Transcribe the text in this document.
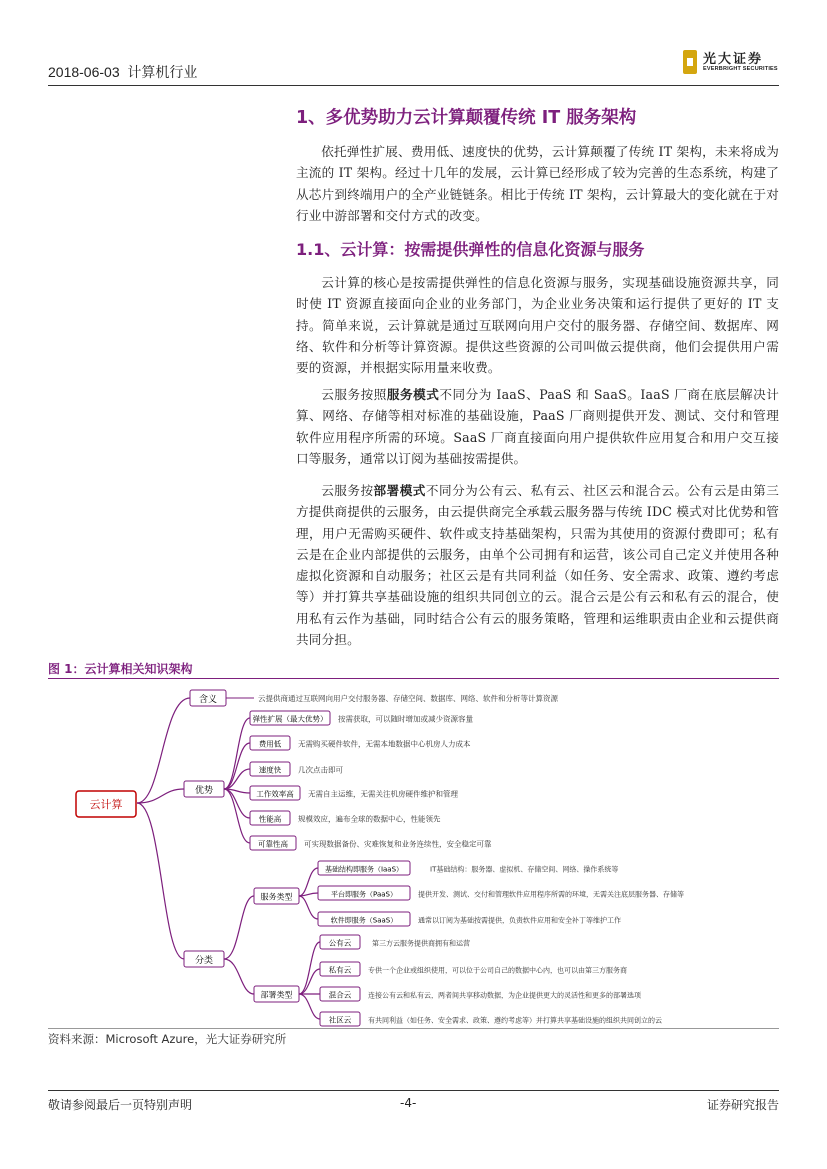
2018-06-03 计算机行业
光大证券
EVERBRIGHT SECURITIES
1、多优势助力云计算颠覆传统 IT 服务架构

依托弹性扩展、费用低、速度快的优势，云计算颠覆了传统 IT 架构，未来将成为主流的 IT 架构。经过十几年的发展，云计算已经形成了较为完善的生态系统，构建了从芯片到终端用户的全产业链链条。相比于传统 IT 架构，云计算最大的变化就在于对行业中游部署和交付方式的改变。

1.1、云计算：按需提供弹性的信息化资源与服务

云计算的核心是按需提供弹性的信息化资源与服务，实现基础设施资源共享，同时使 IT 资源直接面向企业的业务部门，为企业业务决策和运行提供了更好的 IT 支持。简单来说，云计算就是通过互联网向用户交付的服务器、存储空间、数据库、网络、软件和分析等计算资源。提供这些资源的公司叫做云提供商，他们会提供用户需要的资源，并根据实际用量来收费。

云服务按照服务模式不同分为 IaaS、PaaS 和 SaaS。IaaS 厂商在底层解决计算、网络、存储等相对标准的基础设施，PaaS 厂商则提供开发、测试、交付和管理软件应用程序所需的环境。SaaS 厂商直接面向用户提供软件应用复合和用户交互接口等服务，通常以订阅为基础按需提供。

云服务按部署模式不同分为公有云、私有云、社区云和混合云。公有云是由第三方提供商提供的云服务，由云提供商完全承载云服务器与传统 IDC 模式对比优势和管理，用户无需购买硬件、软件或支持基础架构，只需为其使用的资源付费即可；私有云是在企业内部提供的云服务，由单个公司拥有和运营，该公司自己定义并使用各种虚拟化资源和自动服务；社区云是有共同利益（如任务、安全需求、政策、遵约考虑等）并打算共享基础设施的组织共同创立的云。混合云是公有云和私有云的混合，使用私有云作为基础，同时结合公有云的服务策略，管理和运维职责由企业和云提供商共同分担。

图 1：云计算相关知识架构
云计算
含义	云提供商通过互联网向用户交付服务器、存储空间、数据库、网络、软件和分析等计算资源
优势
弹性扩展（最大优势） 按需获取，可以随时增加或减少资源容量
费用低 无需购买硬件软件，无需本地数据中心机房人力成本
速度快 几次点击即可
工作效率高 无需自主运维，无需关注机房硬件维护和管理
性能高 规模效应，遍布全球的数据中心，性能领先
可靠性高 可实现数据备份、灾难恢复和业务连续性，安全稳定可靠
分类
服务类型
基础结构即服务（IaaS）	IT基础结构：服务器、虚拟机、存储空间、网络、操作系统等
平台即服务（PaaS）	提供开发、测试、交付和管理软件应用程序所需的环境，无需关注底层服务器、存储等
软件即服务（SaaS）	通常以订阅为基础按需提供，负责软件应用和安全补丁等维护工作
部署类型
公有云	第三方云服务提供商拥有和运营
私有云 专供一个企业或组织使用，可以位于公司自己的数据中心内，也可以由第三方服务商
混合云 连接公有云和私有云，两者间共享移动数据，为企业提供更大的灵活性和更多的部署选项
社区云 有共同利益（如任务、安全需求、政策、遵约考虑等）并打算共享基础设施的组织共同创立的云
资料来源：Microsoft Azure，光大证券研究所
敬请参阅最后一页特别声明	-4-	证券研究报告
